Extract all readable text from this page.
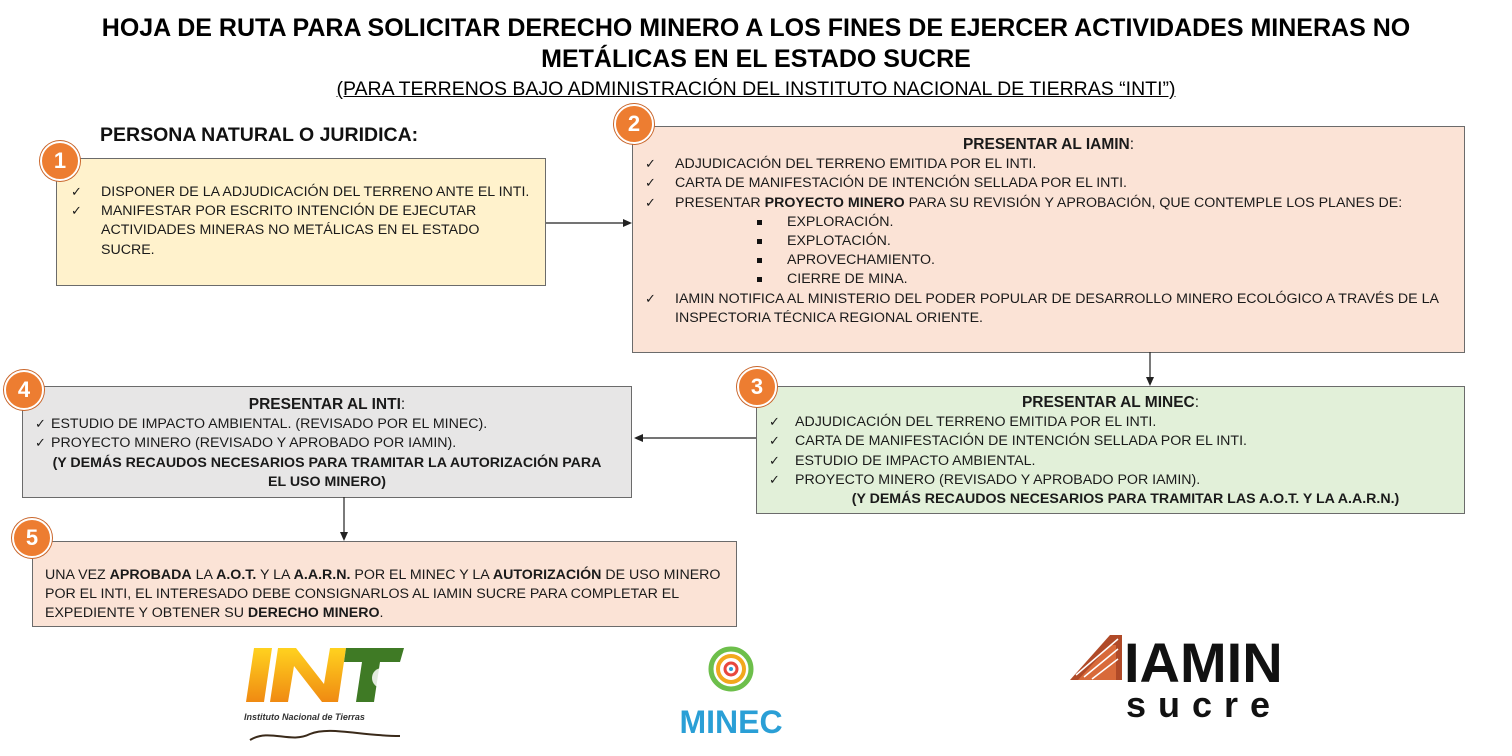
HOJA DE RUTA PARA SOLICITAR DERECHO MINERO A LOS FINES DE EJERCER ACTIVIDADES MINERAS NO
METÁLICAS EN EL ESTADO SUCRE
(PARA TERRENOS BAJO ADMINISTRACIÓN DEL INSTITUTO NACIONAL DE TIERRAS “INTI”)
PERSONA NATURAL O JURIDICA:
✓ DISPONER DE LA ADJUDICACIÓN DEL TERRENO ANTE EL INTI.
✓ MANIFESTAR POR ESCRITO INTENCIÓN DE EJECUTAR ACTIVIDADES MINERAS NO METÁLICAS EN EL ESTADO SUCRE.
1
PRESENTAR AL IAMIN:
✓ ADJUDICACIÓN DEL TERRENO EMITIDA POR EL INTI.
✓ CARTA DE MANIFESTACIÓN DE INTENCIÓN SELLADA POR EL INTI.
✓ PRESENTAR PROYECTO MINERO PARA SU REVISIÓN Y APROBACIÓN, QUE CONTEMPLE LOS PLANES DE:
EXPLORACIÓN.
EXPLOTACIÓN.
APROVECHAMIENTO.
CIERRE DE MINA.
✓ IAMIN NOTIFICA AL MINISTERIO DEL PODER POPULAR DE DESARROLLO MINERO ECOLÓGICO A TRAVÉS DE LA INSPECTORIA TÉCNICA REGIONAL ORIENTE.
2
PRESENTAR AL MINEC:
✓ ADJUDICACIÓN DEL TERRENO EMITIDA POR EL INTI.
✓ CARTA DE MANIFESTACIÓN DE INTENCIÓN SELLADA POR EL INTI.
✓ ESTUDIO DE IMPACTO AMBIENTAL.
✓ PROYECTO MINERO (REVISADO Y APROBADO POR IAMIN).
(Y DEMÁS RECAUDOS NECESARIOS PARA TRAMITAR LAS A.O.T. Y LA A.A.R.N.)
3
PRESENTAR AL INTI:
✓ ESTUDIO DE IMPACTO AMBIENTAL. (REVISADO POR EL MINEC).
✓ PROYECTO MINERO (REVISADO Y APROBADO POR IAMIN).
(Y DEMÁS RECAUDOS NECESARIOS PARA TRAMITAR LA AUTORIZACIÓN PARA EL USO MINERO)
4
UNA VEZ APROBADA LA A.O.T. Y LA A.A.R.N. POR EL MINEC Y LA AUTORIZACIÓN DE USO MINERO POR EL INTI, EL INTERESADO DEBE CONSIGNARLOS AL IAMIN SUCRE PARA COMPLETAR EL EXPEDIENTE Y OBTENER SU DERECHO MINERO.
5
Instituto Nacional de Tierras	MINEC
IAMIN
sucre
